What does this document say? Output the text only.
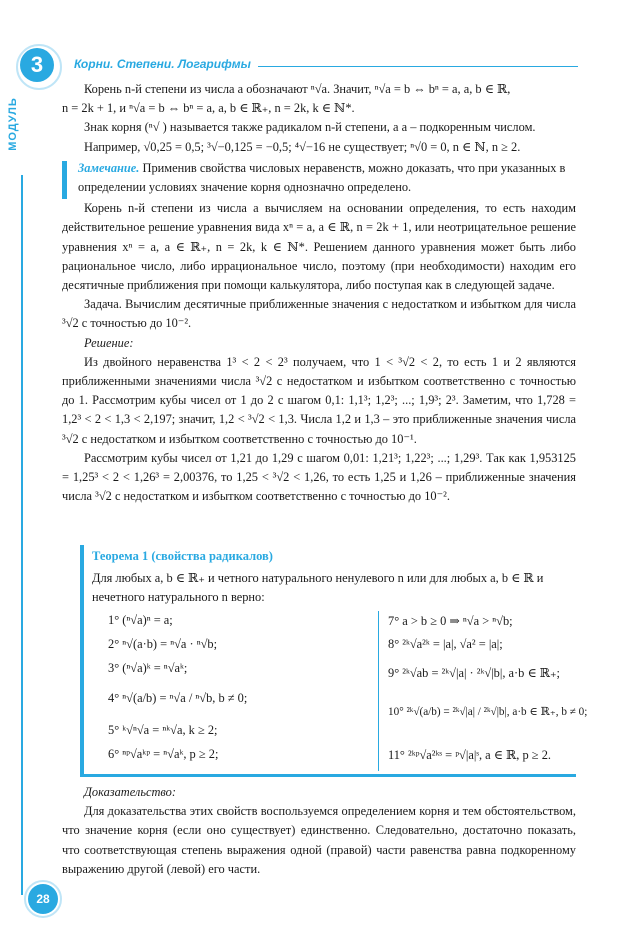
3	Корни. Степени. Логарифмы
МОДУЛЬ

Корень n-й степени из числа a обозначают ⁿ√a. Значит, ⁿ√a = b ⇔ bⁿ = a, a, b ∈ ℝ,

n = 2k + 1, и ⁿ√a = b ⇔ bⁿ = a, a, b ∈ ℝ₊, n = 2k, k ∈ ℕ*.

Знак корня (ⁿ√ ) называется также радикалом n-й степени, а a – подкоренным числом.

Например, √0,25 = 0,5; ³√−0,125 = −0,5; ⁴√−16 не существует; ⁿ√0 = 0, n ∈ ℕ, n ≥ 2.

Замечание. Применив свойства числовых неравенств, можно доказать, что при указанных в определении условиях значение корня однозначно определено.

Корень n-й степени из числа a вычисляем на основании определения, то есть находим действительное решение уравнения вида xⁿ = a, a ∈ ℝ, n = 2k + 1, или неотрицательное решение уравнения xⁿ = a, a ∈ ℝ₊, n = 2k, k ∈ ℕ*. Решением данного уравнения может быть либо рациональное число, либо иррациональное число, поэтому (при необходимости) находим его десятичные приближения при помощи калькулятора, либо поступая как в следующей задаче.

Задача. Вычислим десятичные приближенные значения с недостатком и избытком для числа ³√2 с точностью до 10⁻².

Решение:

Из двойного неравенства 1³ < 2 < 2³ получаем, что 1 < ³√2 < 2, то есть 1 и 2 являются приближенными значениями числа ³√2 с недостатком и избытком соответственно с точностью до 1. Рассмотрим кубы чисел от 1 до 2 с шагом 0,1: 1,1³; 1,2³; ...; 1,9³; 2³. Заметим, что 1,728 = 1,2³ < 2 < 1,3 < 2,197; значит, 1,2 < ³√2 < 1,3. Числа 1,2 и 1,3 – это приближенные значения числа ³√2 с недостатком и избытком соответственно с точностью до 10⁻¹.

Рассмотрим кубы чисел от 1,21 до 1,29 с шагом 0,01: 1,21³; 1,22³; ...; 1,29³. Так как 1,953125 = 1,25³ < 2 < 1,26³ = 2,00376, то 1,25 < ³√2 < 1,26, то есть 1,25 и 1,26 – приближенные значения числа ³√2 с недостатком и избытком соответственно с точностью до 10⁻².

Теорема 1 (свойства радикалов)
Для любых a, b ∈ ℝ₊ и четного натурального ненулевого n или для любых a, b ∈ ℝ и нечетного натурального n верно:
1° (ⁿ√a)ⁿ = a;
2° ⁿ√(a·b) = ⁿ√a · ⁿ√b;
3° (ⁿ√a)ᵏ = ⁿ√aᵏ;
4° ⁿ√(a/b) = ⁿ√a / ⁿ√b, b ≠ 0;
5° ᵏ√ⁿ√a = ⁿᵏ√a, k ≥ 2;
6° ⁿᵖ√aᵏᵖ = ⁿ√aᵏ, p ≥ 2;
7° a > b ≥ 0 ⇒ ⁿ√a > ⁿ√b;
8° ²ᵏ√a²ᵏ = |a|, √a² = |a|;
9° ²ᵏ√ab = ²ᵏ√|a| · ²ᵏ√|b|, a·b ∈ ℝ₊;
10° ²ᵏ√(a/b) = ²ᵏ√|a| / ²ᵏ√|b|, a·b ∈ ℝ₊, b ≠ 0;
11° ²ᵏᵖ√a²ᵏˢ = ᵖ√|a|ˢ, a ∈ ℝ, p ≥ 2.

Доказательство:

Для доказательства этих свойств воспользуемся определением корня и тем обстоятельством, что значение корня (если оно существует) единственно. Следовательно, достаточно показать, что соответствующая степень выражения одной (правой) части равенства равна подкоренному выражению другой (левой) его части.

28
